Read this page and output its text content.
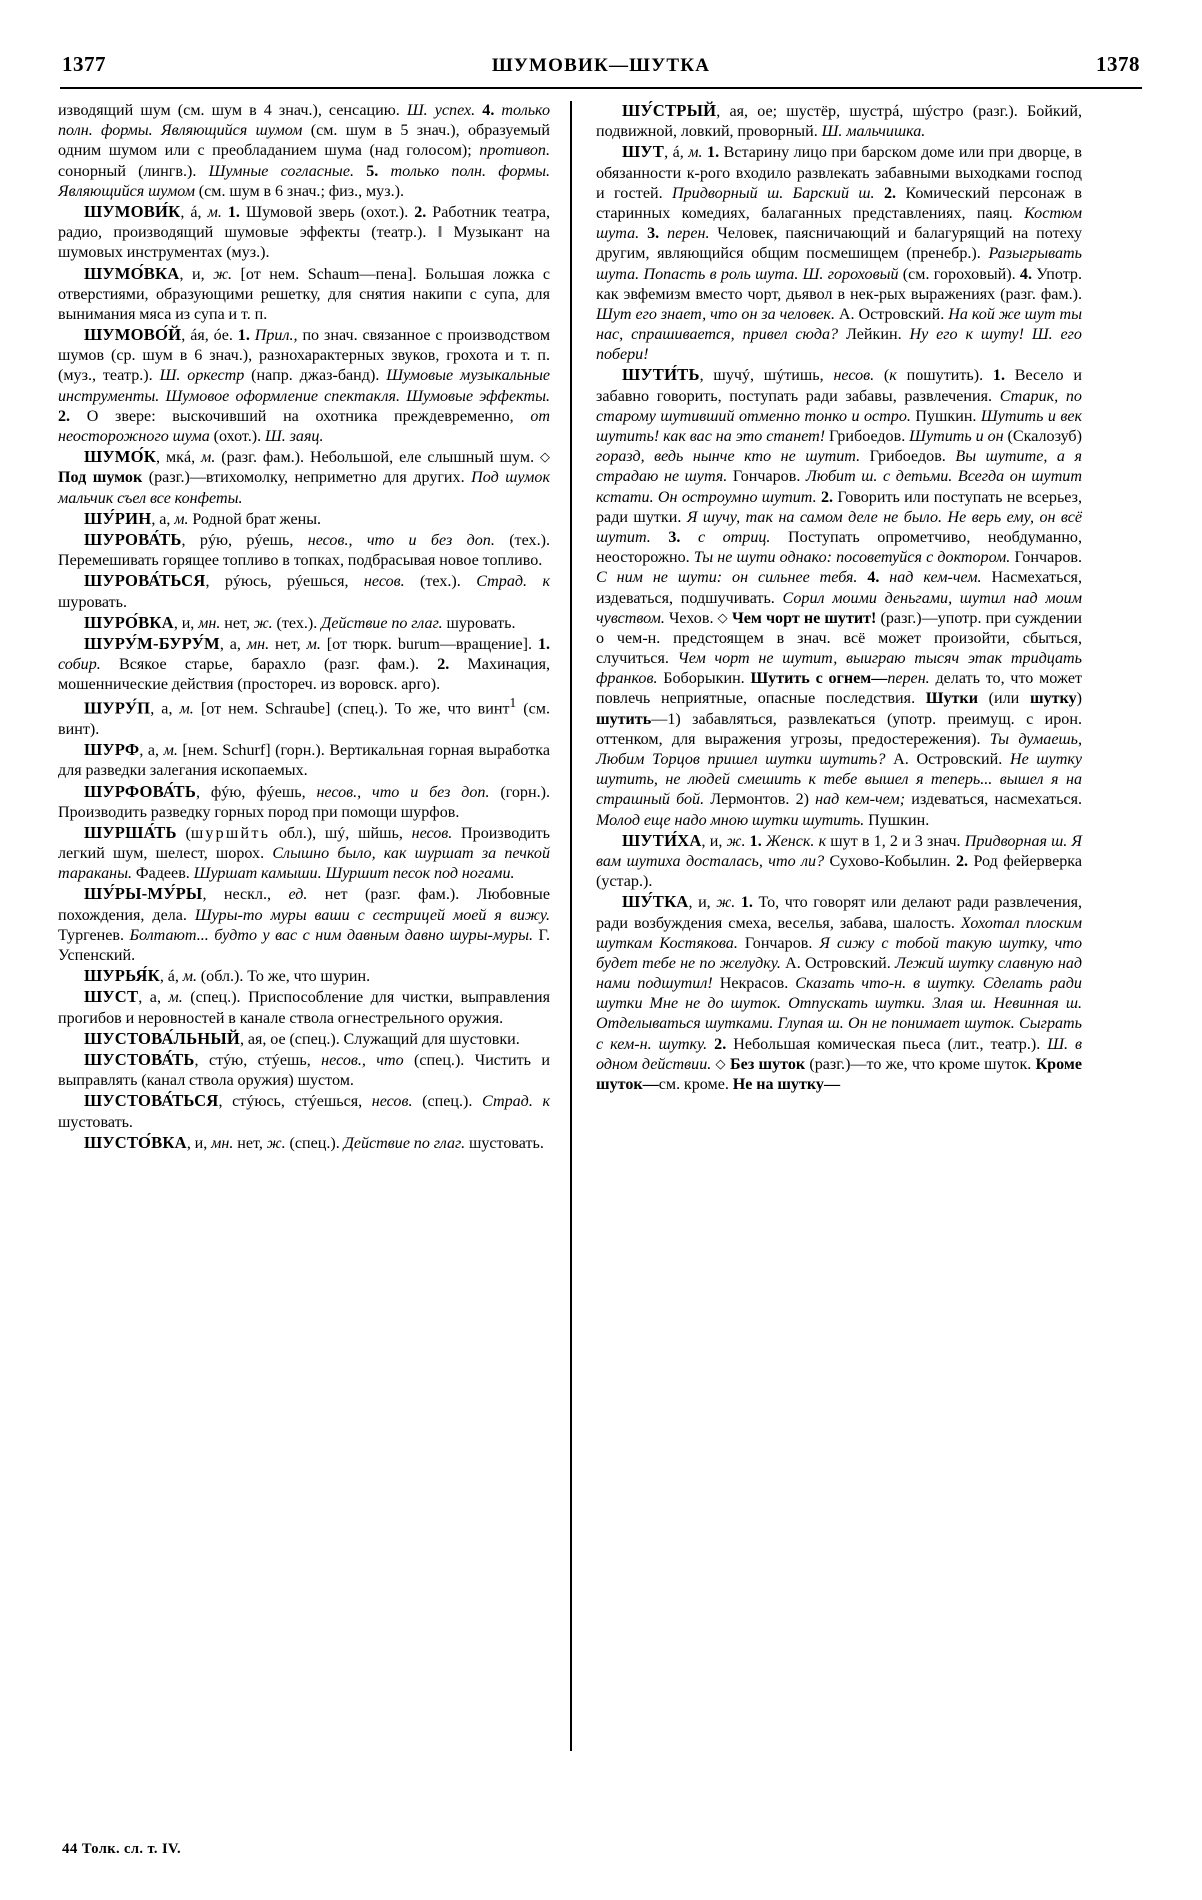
1377	ШУМОВИК—ШУТКА	1378

изводящий шум (см. шум в 4 знач.), сенсацию. Ш. успех. 4. только полн. формы. Являющийся шумом (см. шум в 5 знач.), образуемый одним шумом или с преобладанием шума (над голосом); противоп. сонорный (лингв.). Шумные согласные. 5. только полн. формы. Являющийся шумом (см. шум в 6 знач.; физ., муз.).

ШУМОВИ́К, á, м. 1. Шумовой зверь (охот.). 2. Работник театра, радио, производящий шумовые эффекты (театр.). ‖ Музыкант на шумовых инструментах (муз.).

ШУМО́ВКА, и, ж. [от нем. Schaum—пена]. Большая ложка с отверстиями, образующими решетку, для снятия накипи с супа, для вынимания мяса из супа и т. п.

ШУМОВО́Й, áя, óе. 1. Прил., по знач. связанное с производством шумов (ср. шум в 6 знач.), разнохарактерных звуков, грохота и т. п. (муз., театр.). Ш. оркестр (напр. джаз-банд). Шумовые музыкальные инструменты. Шумовое оформление спектакля. Шумовые эффекты. 2. О звере: выскочивший на охотника преждевременно, от неосторожного шума (охот.). Ш. заяц.

ШУМО́К, мкá, м. (разг. фам.). Небольшой, еле слышный шум. ◇ Под шумок (разг.)—втихомолку, неприметно для других. Под шумок мальчик съел все конфеты.

ШУ́РИН, а, м. Родной брат жены.

ШУРОВА́ТЬ, рýю, рýешь, несов., что и без доп. (тех.). Перемешивать горящее топливо в топках, подбрасывая новое топливо.

ШУРОВА́ТЬСЯ, рýюсь, рýешься, несов. (тех.). Страд. к шуровать.

ШУРО́ВКА, и, мн. нет, ж. (тех.). Действие по глаг. шуровать.

ШУРУ́М-БУРУ́М, а, мн. нет, м. [от тюрк. burum—вращение]. 1. собир. Всякое старье, барахло (разг. фам.). 2. Махинация, мошеннические действия (простореч. из воровск. арго).

ШУРУ́П, а, м. [от нем. Schraube] (спец.). То же, что винт$^1$ (см. винт).

ШУРФ, а, м. [нем. Schurf] (горн.). Вертикальная горная выработка для разведки залегания ископаемых.

ШУРФОВА́ТЬ, фýю, фýешь, несов., что и без доп. (горн.). Производить разведку горных пород при помощи шурфов.

ШУРША́ТЬ (шуршйть обл.), шý, шйшь, несов. Производить легкий шум, шелест, шорох. Слышно было, как шуршат за печкой тараканы. Фадеев. Шуршат камыши. Шуршит песок под ногами.

ШУ́РЫ-МУ́РЫ, нескл., ед. нет (разг. фам.). Любовные похождения, дела. Шуры-то муры ваши с сестрицей моей я вижу. Тургенев. Болтают... будто у вас с ним давным давно шуры-муры. Г. Успенский.

ШУРЬЯ́К, á, м. (обл.). То же, что шурин.

ШУСТ, а, м. (спец.). Приспособление для чистки, выправления прогибов и неровностей в канале ствола огнестрельного оружия.

ШУСТОВА́ЛЬНЫЙ, ая, ое (спец.). Служащий для шустовки.

ШУСТОВА́ТЬ, стýю, стýешь, несов., что (спец.). Чистить и выправлять (канал ствола оружия) шустом.

ШУСТОВА́ТЬСЯ, стýюсь, стýешься, несов. (спец.). Страд. к шустовать.

ШУСТО́ВКА, и, мн. нет, ж. (спец.). Действие по глаг. шустовать.

ШУ́СТРЫЙ, ая, ое; шустёр, шустрá, шýстро (разг.). Бойкий, подвижной, ловкий, проворный. Ш. мальчишка.

ШУТ, á, м. 1. Встарину лицо при барском доме или при дворце, в обязанности к-рого входило развлекать забавными выходками господ и гостей. Придворный ш. Барский ш. 2. Комический персонаж в старинных комедиях, балаганных представлениях, паяц. Костюм шута. 3. перен. Человек, паясничающий и балагурящий на потеху другим, являющийся общим посмешищем (пренебр.). Разыгрывать шута. Попасть в роль шута. Ш. гороховый (см. гороховый). 4. Употр. как эвфемизм вместо чорт, дьявол в нек-рых выражениях (разг. фам.). Шут его знает, что он за человек. А. Островский. На кой же шут ты нас, спрашивается, привел сюда? Лейкин. Ну его к шуту! Ш. его побери!

ШУТИ́ТЬ, шучý, шýтишь, несов. (к пошутить). 1. Весело и забавно говорить, поступать ради забавы, развлечения. Старик, по старому шутивший отменно тонко и остро. Пушкин. Шутить и век шутить! как вас на это станет! Грибоедов. Шутить и он (Скалозуб) горазд, ведь нынче кто не шутит. Грибоедов. Вы шутите, а я страдаю не шутя. Гончаров. Любит ш. с детьми. Всегда он шутит кстати. Он остроумно шутит. 2. Говорить или поступать не всерьез, ради шутки. Я шучу, так на самом деле не было. Не верь ему, он всё шутит. 3. с отриц. Поступать опрометчиво, необдуманно, неосторожно. Ты не шути однако: посоветуйся с доктором. Гончаров. С ним не шути: он сильнее тебя. 4. над кем-чем. Насмехаться, издеваться, подшучивать. Сорил моими деньгами, шутил над моим чувством. Чехов. ◇ Чем чорт не шутит! (разг.)—употр. при суждении о чем-н. предстоящем в знач. всё может произойти, сбыться, случиться. Чем чорт не шутит, выиграю тысяч этак тридцать франков. Боборыкин. Шутить с огнем—перен. делать то, что может повлечь неприятные, опасные последствия. Шутки (или шутку) шутить—1) забавляться, развлекаться (употр. преимущ. с ирон. оттенком, для выражения угрозы, предостережения). Ты думаешь, Любим Торцов пришел шутки шутить? А. Островский. Не шутку шутить, не людей смешить к тебе вышел я теперь... вышел я на страшный бой. Лермонтов. 2) над кем-чем; издеваться, насмехаться. Молод еще надо мною шутки шутить. Пушкин.

ШУТИ́ХА, и, ж. 1. Женск. к шут в 1, 2 и 3 знач. Придворная ш. Я вам шутиха досталась, что ли? Сухово-Кобылин. 2. Род фейерверка (устар.).

ШУ́ТКА, и, ж. 1. То, что говорят или делают ради развлечения, ради возбуждения смеха, веселья, забава, шалость. Хохотал плоским шуткам Костякова. Гончаров. Я сижу с тобой такую шутку, что будет тебе не по желудку. А. Островский. Лежий шутку славную над нами подшутил! Некрасов. Сказать что-н. в шутку. Сделать ради шутки Мне не до шуток. Отпускать шутки. Злая ш. Невинная ш. Отделываться шутками. Глупая ш. Он не понимает шуток. Сыграть с кем-н. шутку. 2. Небольшая комическая пьеса (лит., театр.). Ш. в одном действии. ◇ Без шуток (разг.)—то же, что кроме шуток. Кроме шуток—см. кроме. Не на шутку—

44 Толк. сл. т. IV.
